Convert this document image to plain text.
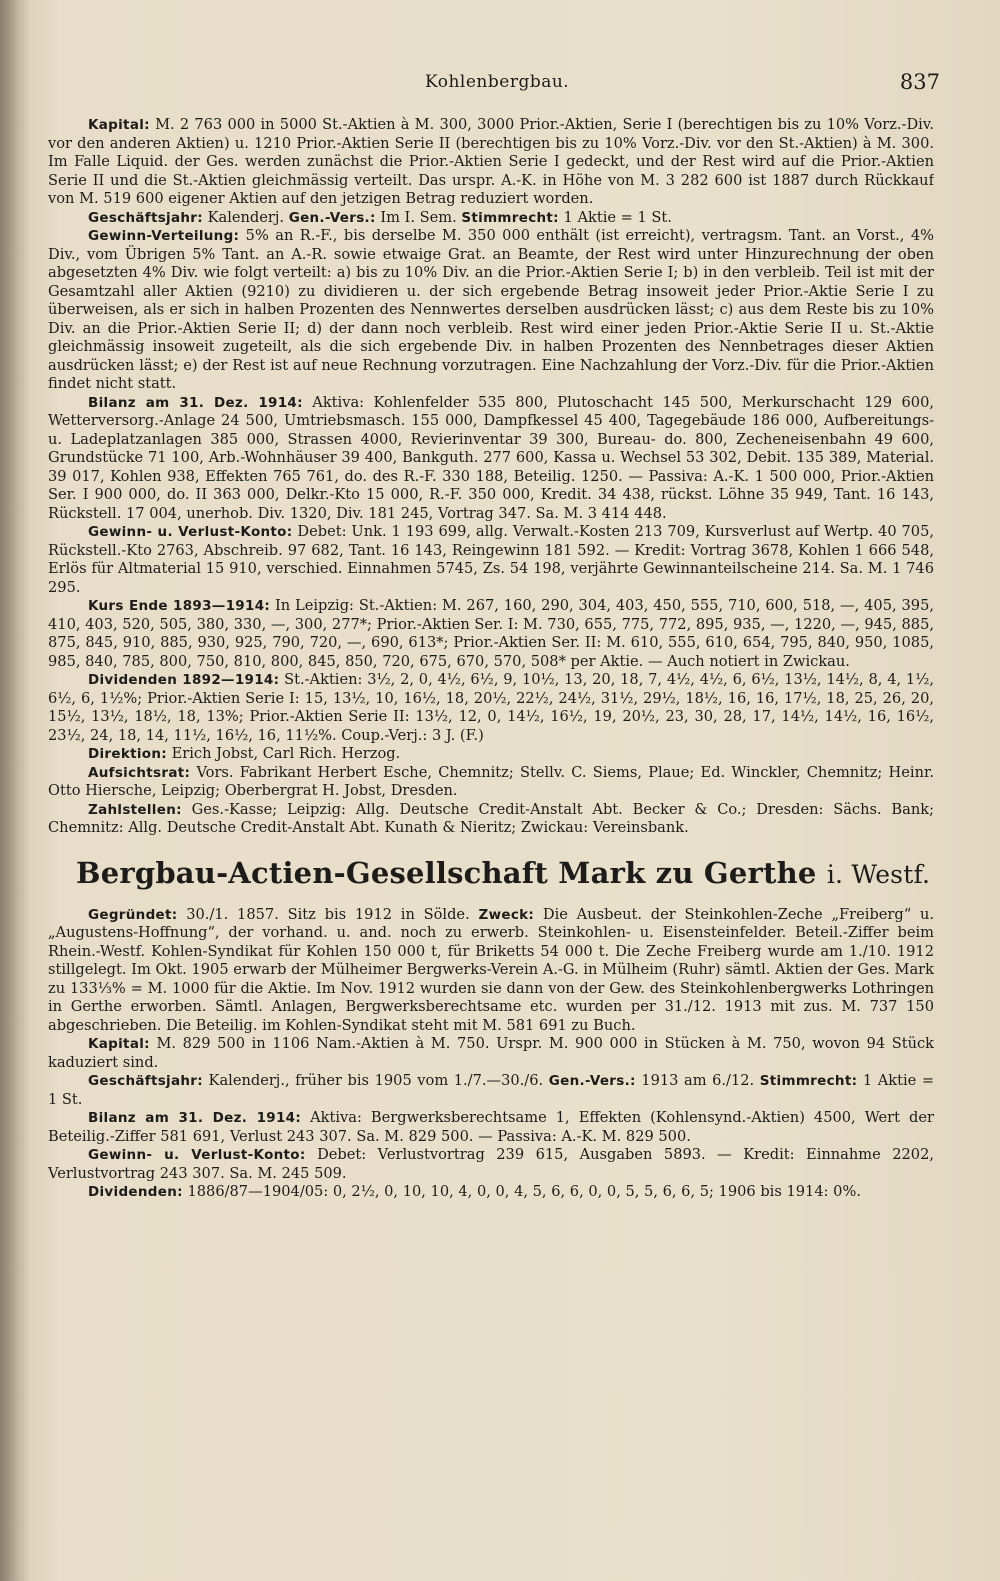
Kohlenbergbau.	837

Kapital: M. 2 763 000 in 5000 St.-Aktien à M. 300, 3000 Prior.-Aktien, Serie I (berechtigen bis zu 10% Vorz.-Div. vor den anderen Aktien) u. 1210 Prior.-Aktien Serie II (berechtigen bis zu 10% Vorz.-Div. vor den St.-Aktien) à M. 300. Im Falle Liquid. der Ges. werden zunächst die Prior.-Aktien Serie I gedeckt, und der Rest wird auf die Prior.-Aktien Serie II und die St.-Aktien gleichmässig verteilt. Das urspr. A.-K. in Höhe von M. 3 282 600 ist 1887 durch Rückkauf von M. 519 600 eigener Aktien auf den jetzigen Betrag reduziert worden.

Geschäftsjahr: Kalenderj. Gen.-Vers.: Im I. Sem. Stimmrecht: 1 Aktie = 1 St.

Gewinn-Verteilung: 5% an R.-F., bis derselbe M. 350 000 enthält (ist erreicht), vertragsm. Tant. an Vorst., 4% Div., vom Übrigen 5% Tant. an A.-R. sowie etwaige Grat. an Beamte, der Rest wird unter Hinzurechnung der oben abgesetzten 4% Div. wie folgt verteilt: a) bis zu 10% Div. an die Prior.-Aktien Serie I; b) in den verbleib. Teil ist mit der Gesamtzahl aller Aktien (9210) zu dividieren u. der sich ergebende Betrag insoweit jeder Prior.-Aktie Serie I zu überweisen, als er sich in halben Prozenten des Nennwertes derselben ausdrücken lässt; c) aus dem Reste bis zu 10% Div. an die Prior.-Aktien Serie II; d) der dann noch verbleib. Rest wird einer jeden Prior.-Aktie Serie II u. St.-Aktie gleichmässig insoweit zugeteilt, als die sich ergebende Div. in halben Prozenten des Nennbetrages dieser Aktien ausdrücken lässt; e) der Rest ist auf neue Rechnung vorzutragen. Eine Nachzahlung der Vorz.-Div. für die Prior.-Aktien findet nicht statt.

Bilanz am 31. Dez. 1914: Aktiva: Kohlenfelder 535 800, Plutoschacht 145 500, Merkurschacht 129 600, Wetterversorg.-Anlage 24 500, Umtriebsmasch. 155 000, Dampfkessel 45 400, Tagegebäude 186 000, Aufbereitungs- u. Ladeplatzanlagen 385 000, Strassen 4000, Revierinventar 39 300, Bureau- do. 800, Zecheneisenbahn 49 600, Grundstücke 71 100, Arb.-Wohnhäuser 39 400, Bankguth. 277 600, Kassa u. Wechsel 53 302, Debit. 135 389, Material. 39 017, Kohlen 938, Effekten 765 761, do. des R.-F. 330 188, Beteilig. 1250. — Passiva: A.-K. 1 500 000, Prior.-Aktien Ser. I 900 000, do. II 363 000, Delkr.-Kto 15 000, R.-F. 350 000, Kredit. 34 438, rückst. Löhne 35 949, Tant. 16 143, Rückstell. 17 004, unerhob. Div. 1320, Div. 181 245, Vortrag 347. Sa. M. 3 414 448.

Gewinn- u. Verlust-Konto: Debet: Unk. 1 193 699, allg. Verwalt.-Kosten 213 709, Kursverlust auf Wertp. 40 705, Rückstell.-Kto 2763, Abschreib. 97 682, Tant. 16 143, Reingewinn 181 592. — Kredit: Vortrag 3678, Kohlen 1 666 548, Erlös für Altmaterial 15 910, verschied. Einnahmen 5745, Zs. 54 198, verjährte Gewinnanteilscheine 214. Sa. M. 1 746 295.

Kurs Ende 1893—1914: In Leipzig: St.-Aktien: M. 267, 160, 290, 304, 403, 450, 555, 710, 600, 518, —, 405, 395, 410, 403, 520, 505, 380, 330, —, 300, 277*; Prior.-Aktien Ser. I: M. 730, 655, 775, 772, 895, 935, —, 1220, —, 945, 885, 875, 845, 910, 885, 930, 925, 790, 720, —, 690, 613*; Prior.-Aktien Ser. II: M. 610, 555, 610, 654, 795, 840, 950, 1085, 985, 840, 785, 800, 750, 810, 800, 845, 850, 720, 675, 670, 570, 508* per Aktie. — Auch notiert in Zwickau.

Dividenden 1892—1914: St.-Aktien: 3½, 2, 0, 4½, 6½, 9, 10½, 13, 20, 18, 7, 4½, 4½, 6, 6½, 13½, 14½, 8, 4, 1½, 6½, 6, 1½%; Prior.-Aktien Serie I: 15, 13½, 10, 16½, 18, 20½, 22½, 24½, 31½, 29½, 18½, 16, 16, 17½, 18, 25, 26, 20, 15½, 13½, 18½, 18, 13%; Prior.-Aktien Serie II: 13½, 12, 0, 14½, 16½, 19, 20½, 23, 30, 28, 17, 14½, 14½, 16, 16½, 23½, 24, 18, 14, 11½, 16½, 16, 11½%. Coup.-Verj.: 3 J. (F.)

Direktion: Erich Jobst, Carl Rich. Herzog.

Aufsichtsrat: Vors. Fabrikant Herbert Esche, Chemnitz; Stellv. C. Siems, Plaue; Ed. Winckler, Chemnitz; Heinr. Otto Hiersche, Leipzig; Oberbergrat H. Jobst, Dresden.

Zahlstellen: Ges.-Kasse; Leipzig: Allg. Deutsche Credit-Anstalt Abt. Becker & Co.; Dresden: Sächs. Bank; Chemnitz: Allg. Deutsche Credit-Anstalt Abt. Kunath & Nieritz; Zwickau: Vereinsbank.

Bergbau-Actien-Gesellschaft Mark zu Gerthe i. Westf.

Gegründet: 30./1. 1857. Sitz bis 1912 in Sölde. Zweck: Die Ausbeut. der Steinkohlen-Zeche „Freiberg“ u. „Augustens-Hoffnung“, der vorhand. u. and. noch zu erwerb. Steinkohlen- u. Eisensteinfelder. Beteil.-Ziffer beim Rhein.-Westf. Kohlen-Syndikat für Kohlen 150 000 t, für Briketts 54 000 t. Die Zeche Freiberg wurde am 1./10. 1912 stillgelegt. Im Okt. 1905 erwarb der Mülheimer Bergwerks-Verein A.-G. in Mülheim (Ruhr) sämtl. Aktien der Ges. Mark zu 133⅓% = M. 1000 für die Aktie. Im Nov. 1912 wurden sie dann von der Gew. des Steinkohlenbergwerks Lothringen in Gerthe erworben. Sämtl. Anlagen, Bergwerksberechtsame etc. wurden per 31./12. 1913 mit zus. M. 737 150 abgeschrieben. Die Beteilig. im Kohlen-Syndikat steht mit M. 581 691 zu Buch.

Kapital: M. 829 500 in 1106 Nam.-Aktien à M. 750. Urspr. M. 900 000 in Stücken à M. 750, wovon 94 Stück kaduziert sind.

Geschäftsjahr: Kalenderj., früher bis 1905 vom 1./7.—30./6. Gen.-Vers.: 1913 am 6./12. Stimmrecht: 1 Aktie = 1 St.

Bilanz am 31. Dez. 1914: Aktiva: Bergwerksberechtsame 1, Effekten (Kohlensynd.-Aktien) 4500, Wert der Beteilig.-Ziffer 581 691, Verlust 243 307. Sa. M. 829 500. — Passiva: A.-K. M. 829 500.

Gewinn- u. Verlust-Konto: Debet: Verlustvortrag 239 615, Ausgaben 5893. — Kredit: Einnahme 2202, Verlustvortrag 243 307. Sa. M. 245 509.

Dividenden: 1886/87—1904/05: 0, 2½, 0, 10, 10, 4, 0, 0, 4, 5, 6, 6, 0, 0, 5, 5, 6, 6, 5; 1906 bis 1914: 0%.
